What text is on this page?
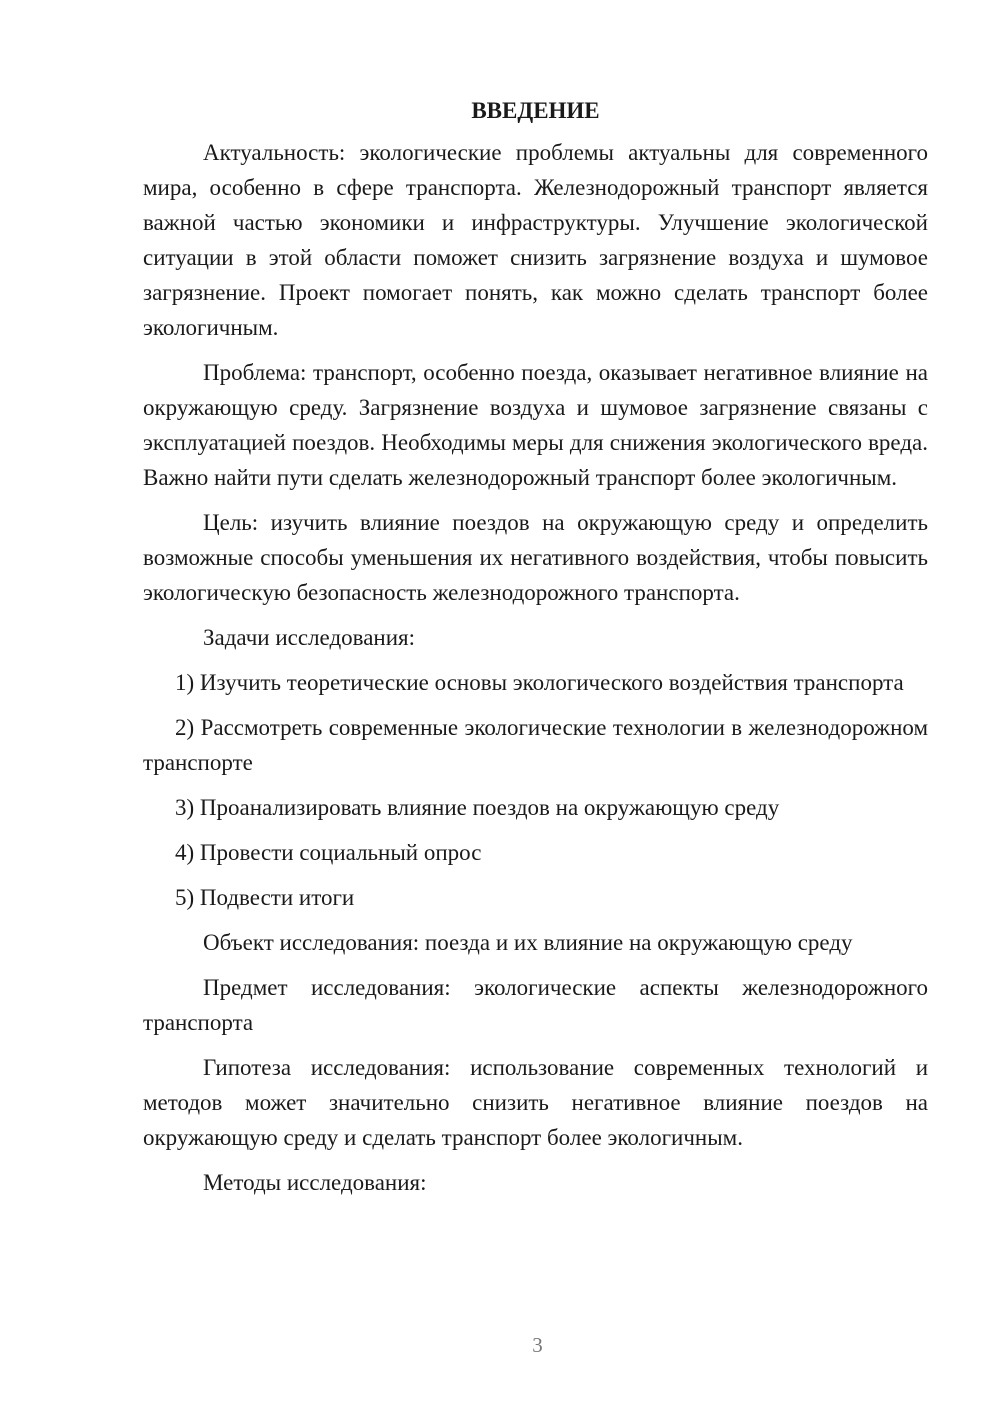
ВВЕДЕНИЕ

Актуальность: экологические проблемы актуальны для современного мира, особенно в сфере транспорта. Железнодорожный транспорт является важной частью экономики и инфраструктуры. Улучшение экологической ситуации в этой области поможет снизить загрязнение воздуха и шумовое загрязнение. Проект помогает понять, как можно сделать транспорт более экологичным.

Проблема: транспорт, особенно поезда, оказывает негативное влияние на окружающую среду. Загрязнение воздуха и шумовое загрязнение связаны с эксплуатацией поездов. Необходимы меры для снижения экологического вреда. Важно найти пути сделать железнодорожный транспорт более экологичным.

Цель: изучить влияние поездов на окружающую среду и определить возможные способы уменьшения их негативного воздействия, чтобы повысить экологическую безопасность железнодорожного транспорта.

Задачи исследования:

1) Изучить теоретические основы экологического воздействия транспорта

2) Рассмотреть современные экологические технологии в железнодорожном транспорте

3) Проанализировать влияние поездов на окружающую среду

4) Провести социальный опрос

5) Подвести итоги

Объект исследования: поезда и их влияние на окружающую среду

Предмет исследования: экологические аспекты железнодорожного транспорта

Гипотеза исследования: использование современных технологий и методов может значительно снизить негативное влияние поездов на окружающую среду и сделать транспорт более экологичным.

Методы исследования:

3
